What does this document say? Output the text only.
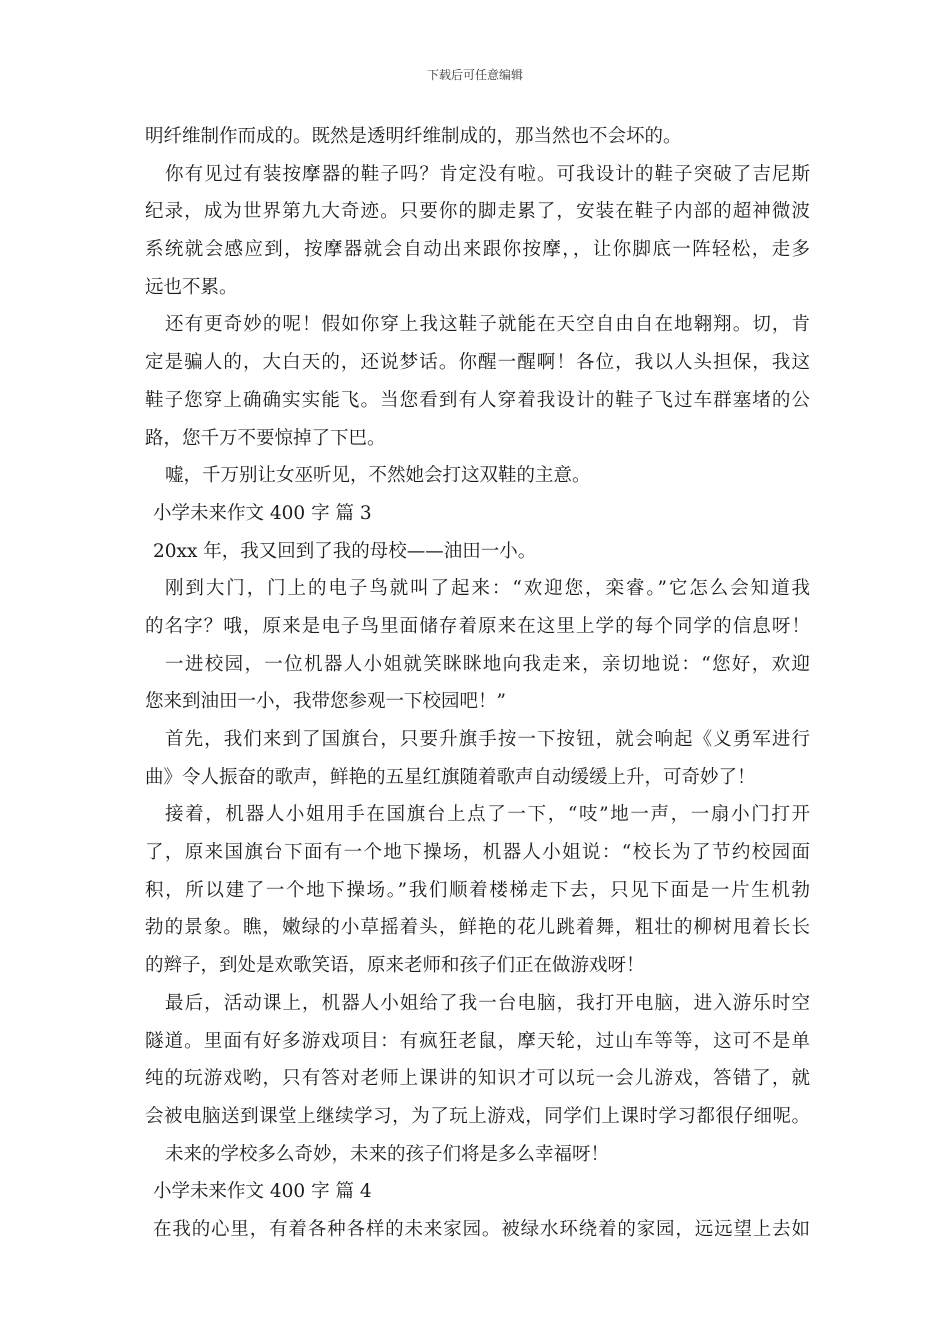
下载后可任意编辑
明纤维制作而成的。既然是透明纤维制成的，那当然也不会坏的。
你有见过有装按摩器的鞋子吗？肯定没有啦。可我设计的鞋子突破了吉尼斯
纪录，成为世界第九大奇迹。只要你的脚走累了，安装在鞋子内部的超神微波
系统就会感应到，按摩器就会自动出来跟你按摩，，让你脚底一阵轻松，走多
远也不累。
还有更奇妙的呢！假如你穿上我这鞋子就能在天空自由自在地翱翔。切，肯
定是骗人的，大白天的，还说梦话。你醒一醒啊！各位，我以人头担保，我这
鞋子您穿上确确实实能飞。当您看到有人穿着我设计的鞋子飞过车群塞堵的公
路，您千万不要惊掉了下巴。
嘘，千万别让女巫听见，不然她会打这双鞋的主意。
小学未来作文 400 字 篇 3
20xx 年，我又回到了我的母校——油田一小。
刚到大门，门上的电子鸟就叫了起来：“欢迎您，栾睿。”它怎么会知道我
的名字？哦，原来是电子鸟里面储存着原来在这里上学的每个同学的信息呀！
一进校园，一位机器人小姐就笑眯眯地向我走来，亲切地说：“您好，欢迎
您来到油田一小，我带您参观一下校园吧！”
首先，我们来到了国旗台，只要升旗手按一下按钮，就会响起《义勇军进行
曲》令人振奋的歌声，鲜艳的五星红旗随着歌声自动缓缓上升，可奇妙了！
接着，机器人小姐用手在国旗台上点了一下，“吱”地一声，一扇小门打开
了，原来国旗台下面有一个地下操场，机器人小姐说：“校长为了节约校园面
积，所以建了一个地下操场。”我们顺着楼梯走下去，只见下面是一片生机勃
勃的景象。瞧，嫩绿的小草摇着头，鲜艳的花儿跳着舞，粗壮的柳树甩着长长
的辫子，到处是欢歌笑语，原来老师和孩子们正在做游戏呀！
最后，活动课上，机器人小姐给了我一台电脑，我打开电脑，进入游乐时空
隧道。里面有好多游戏项目：有疯狂老鼠，摩天轮，过山车等等，这可不是单
纯的玩游戏哟，只有答对老师上课讲的知识才可以玩一会儿游戏，答错了，就
会被电脑送到课堂上继续学习，为了玩上游戏，同学们上课时学习都很仔细呢。
未来的学校多么奇妙，未来的孩子们将是多么幸福呀！
小学未来作文 400 字 篇 4
在我的心里，有着各种各样的未来家园。被绿水环绕着的家园，远远望上去如
